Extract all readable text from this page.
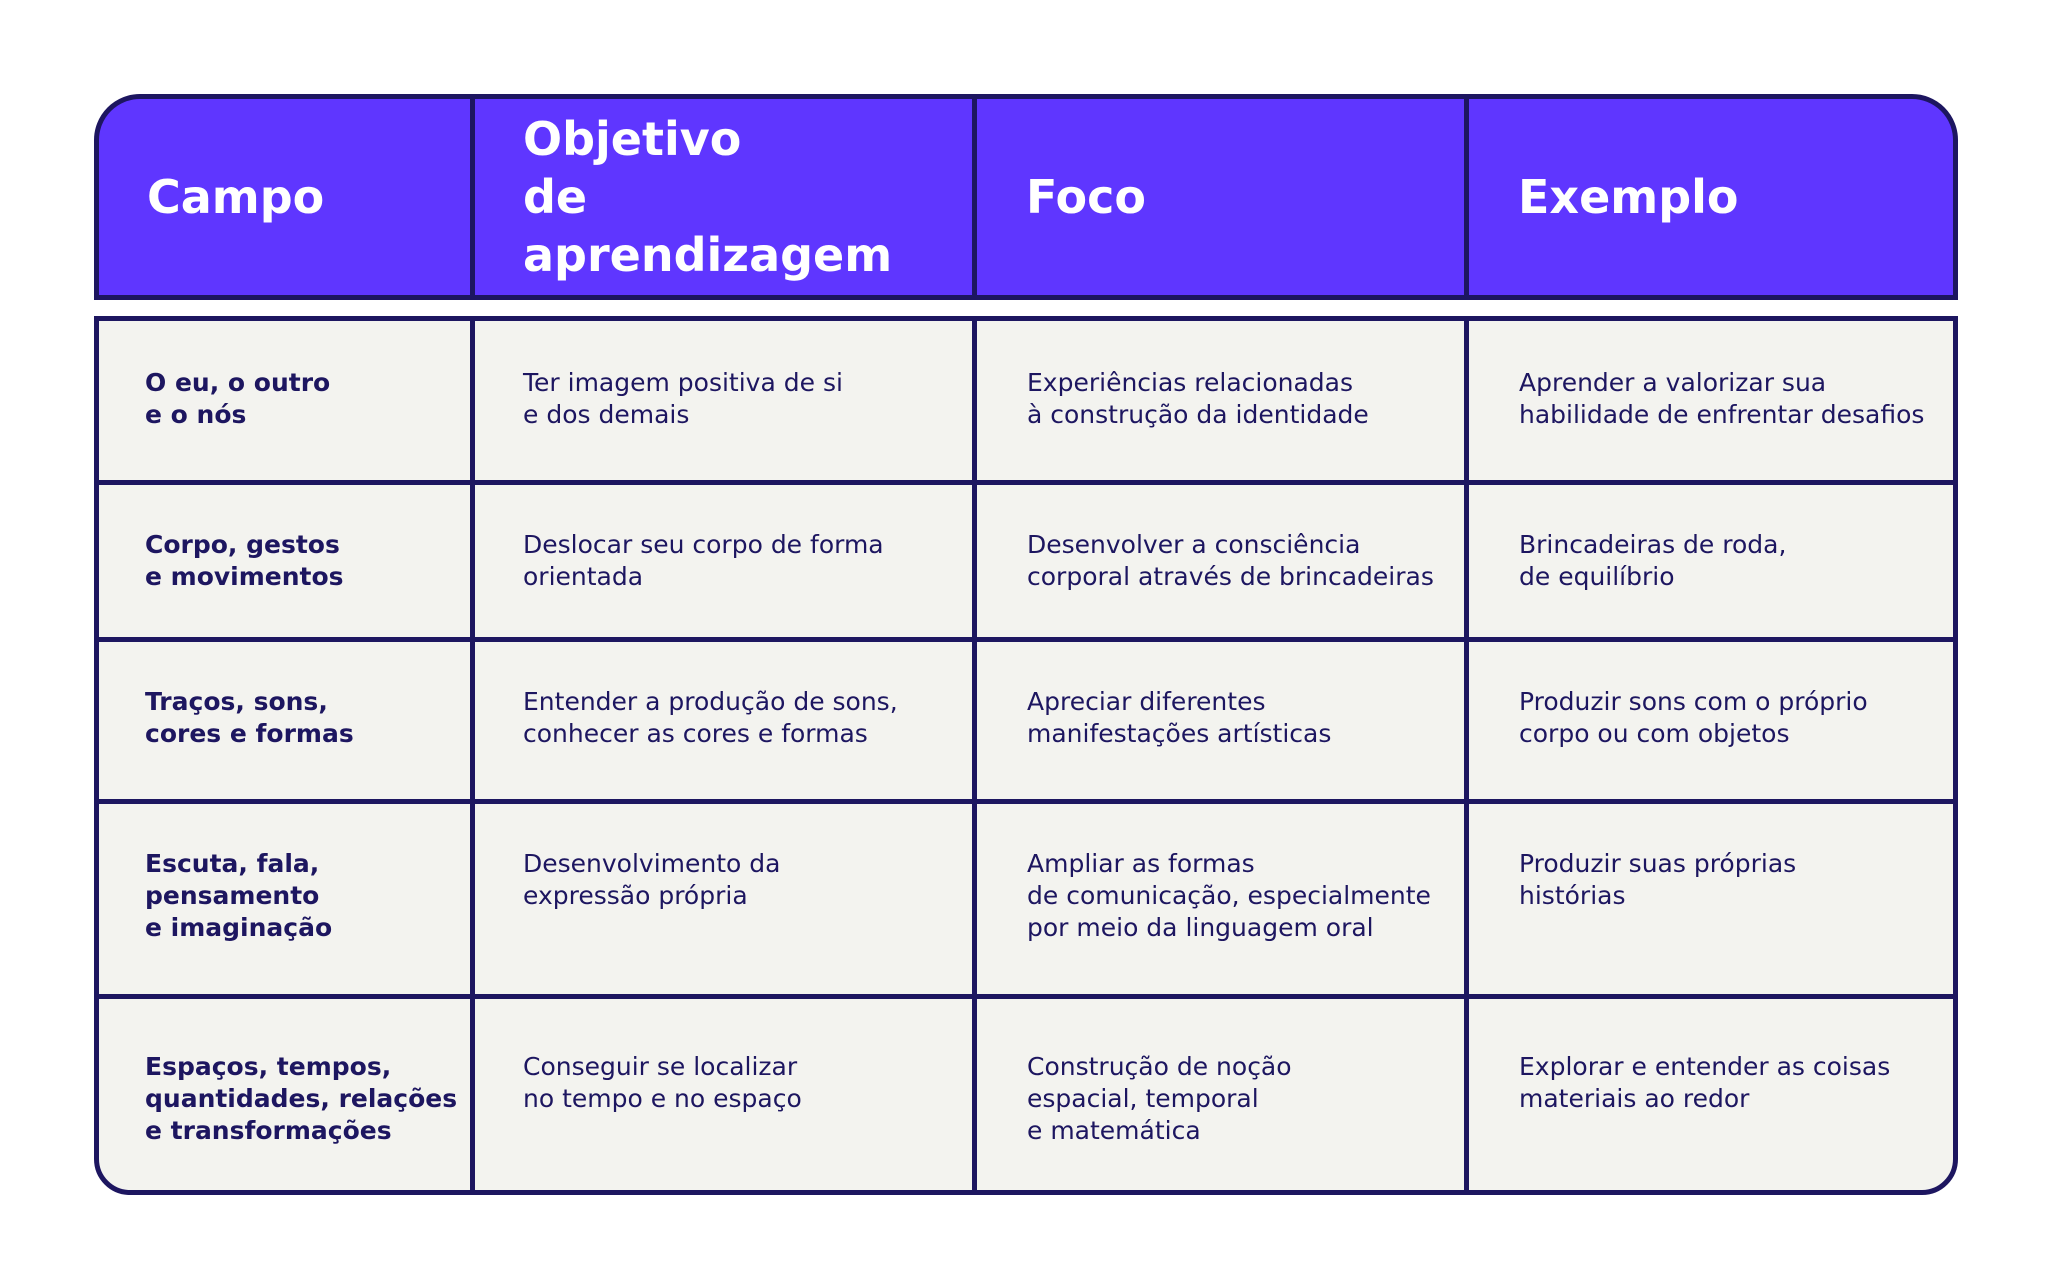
Campo
Objetivo
de aprendizagem
Foco	Exemplo
O eu, o outro
e o nós
Ter imagem positiva de si
e dos demais
Experiências relacionadas
à construção da identidade
Aprender a valorizar sua
habilidade de enfrentar desafios
Corpo, gestos
e movimentos
Deslocar seu corpo de forma
orientada
Desenvolver a consciência
corporal através de brincadeiras
Brincadeiras de roda,
de equilíbrio
Traços, sons,
cores e formas
Entender a produção de sons,
conhecer as cores e formas
Apreciar diferentes
manifestações artísticas
Produzir sons com o próprio
corpo ou com objetos
Escuta, fala,
pensamento
e imaginação
Desenvolvimento da
expressão própria
Ampliar as formas
de comunicação, especialmente
por meio da linguagem oral
Produzir suas próprias
histórias
Espaços, tempos,
quantidades, relações
e transformações
Conseguir se localizar
no tempo e no espaço
Construção de noção
espacial, temporal
e matemática
Explorar e entender as coisas
materiais ao redor
